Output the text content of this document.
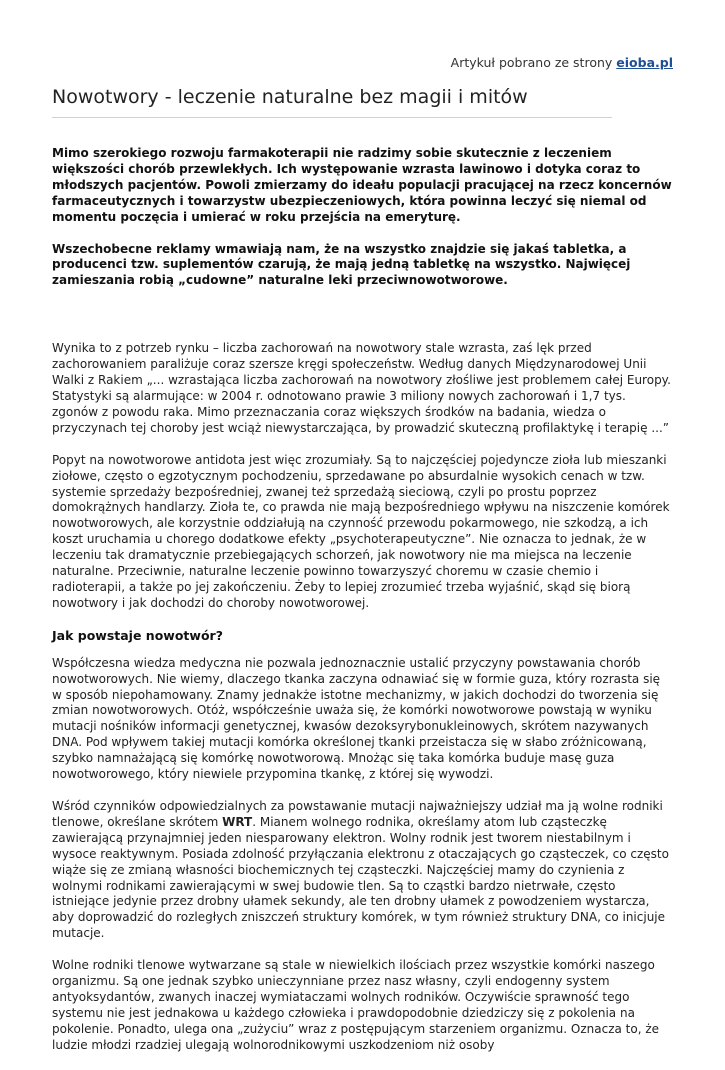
Artykuł pobrano ze strony eioba.pl
Nowotwory - leczenie naturalne bez magii i mitów

Mimo szerokiego rozwoju farmakoterapii nie radzimy sobie skutecznie z leczeniem większości chorób przewlekłych. Ich występowanie wzrasta lawinowo i dotyka coraz to młodszych pacjentów. Powoli zmierzamy do ideału populacji pracującej na rzecz koncernów farmaceutycznych i towarzystw ubezpieczeniowych, która powinna leczyć się niemal od momentu poczęcia i umierać w roku przejścia na emeryturę.

Wszechobecne reklamy wmawiają nam, że na wszystko znajdzie się jakaś tabletka, a producenci tzw. suplementów czarują, że mają jedną tabletkę na wszystko. Najwięcej zamieszania robią „cudowne” naturalne leki przeciwnowotworowe.

Wynika to z potrzeb rynku – liczba zachorowań na nowotwory stale wzrasta, zaś lęk przed zachorowaniem paraliżuje coraz szersze kręgi społeczeństw. Według danych Międzynarodowej Unii Walki z Rakiem „... wzrastająca liczba zachorowań na nowotwory złośliwe jest problemem całej Europy. Statystyki są alarmujące: w 2004 r. odnotowano prawie 3 miliony nowych zachorowań i 1,7 tys. zgonów z powodu raka. Mimo przeznaczania coraz większych środków na badania, wiedza o przyczynach tej choroby jest wciąż niewystarczająca, by prowadzić skuteczną profilaktykę i terapię ...”

Popyt na nowotworowe antidota jest więc zrozumiały. Są to najczęściej pojedyncze zioła lub mieszanki ziołowe, często o egzotycznym pochodzeniu, sprzedawane po absurdalnie wysokich cenach w tzw. systemie sprzedaży bezpośredniej, zwanej też sprzedażą sieciową, czyli po prostu poprzez domokrążnych handlarzy. Zioła te, co prawda nie mają bezpośredniego wpływu na niszczenie komórek nowotworowych, ale korzystnie oddziałują na czynność przewodu pokarmowego, nie szkodzą, a ich koszt uruchamia u chorego dodatkowe efekty „psychoterapeutyczne”. Nie oznacza to jednak, że w leczeniu tak dramatycznie przebiegających schorzeń, jak nowotwory nie ma miejsca na leczenie naturalne. Przeciwnie, naturalne leczenie powinno towarzyszyć choremu w czasie chemio i radioterapii, a także po jej zakończeniu. Żeby to lepiej zrozumieć trzeba wyjaśnić, skąd się biorą nowotwory i jak dochodzi do choroby nowotworowej.

Jak powstaje nowotwór?

Współczesna wiedza medyczna nie pozwala jednoznacznie ustalić przyczyny powstawania chorób nowotworowych. Nie wiemy, dlaczego tkanka zaczyna odnawiać się w formie guza, który rozrasta się w sposób niepohamowany. Znamy jednakże istotne mechanizmy, w jakich dochodzi do tworzenia się zmian nowotworowych. Otóż, współcześnie uważa się, że komórki nowotworowe powstają w wyniku mutacji nośników informacji genetycznej, kwasów dezoksyrybonukleinowych, skrótem nazywanych DNA. Pod wpływem takiej mutacji komórka określonej tkanki przeistacza się w słabo zróżnicowaną, szybko namnażającą się komórkę nowotworową. Mnożąc się taka komórka buduje masę guza nowotworowego, który niewiele przypomina tkankę, z której się wywodzi.

Wśród czynników odpowiedzialnych za powstawanie mutacji najważniejszy udział ma ją wolne rodniki tlenowe, określane skrótem WRT. Mianem wolnego rodnika, określamy atom lub cząsteczkę zawierającą przynajmniej jeden niesparowany elektron. Wolny rodnik jest tworem niestabilnym i wysoce reaktywnym. Posiada zdolność przyłączania elektronu z otaczających go cząsteczek, co często wiąże się ze zmianą własności biochemicznych tej cząsteczki. Najczęściej mamy do czynienia z wolnymi rodnikami zawierającymi w swej budowie tlen. Są to cząstki bardzo nietrwałe, często istniejące jedynie przez drobny ułamek sekundy, ale ten drobny ułamek z powodzeniem wystarcza, aby doprowadzić do rozległych zniszczeń struktury komórek, w tym również struktury DNA, co inicjuje mutacje.

Wolne rodniki tlenowe wytwarzane są stale w niewielkich ilościach przez wszystkie komórki naszego organizmu. Są one jednak szybko unieczynniane przez nasz własny, czyli endogenny system antyoksydantów, zwanych inaczej wymiataczami wolnych rodników. Oczywiście sprawność tego systemu nie jest jednakowa u każdego człowieka i prawdopodobnie dziedziczy się z pokolenia na pokolenie. Ponadto, ulega ona „zużyciu” wraz z postępującym starzeniem organizmu. Oznacza to, że ludzie młodzi rzadziej ulegają wolnorodnikowymi uszkodzeniom niż osoby
